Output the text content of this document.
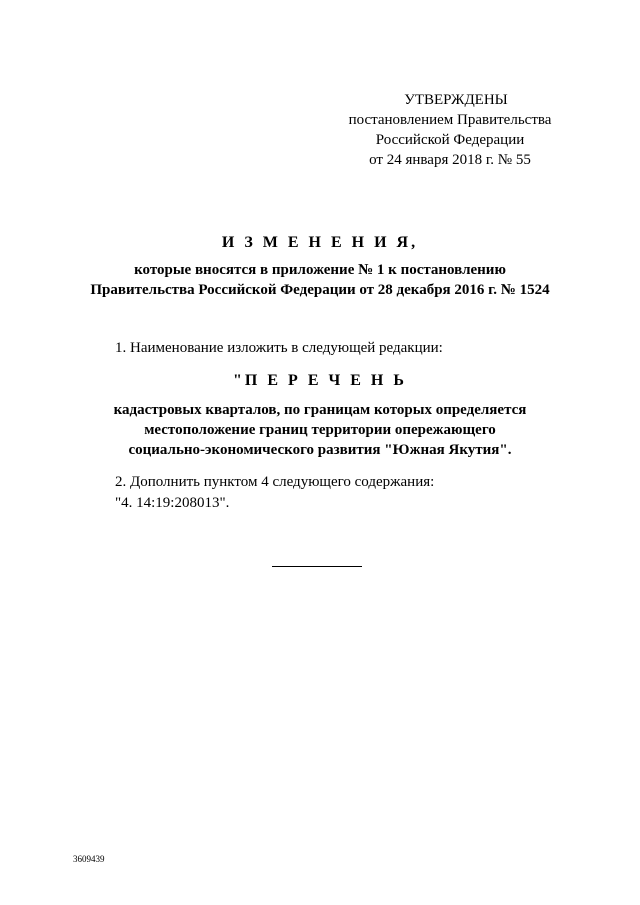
УТВЕРЖДЕНЫ
постановлением Правительства
Российской Федерации
от 24 января 2018 г. № 55
И З М Е Н Е Н И Я,
которые вносятся в приложение № 1 к постановлению
Правительства Российской Федерации от 28 декабря 2016 г. № 1524
1. Наименование изложить в следующей редакции:
"П Е Р Е Ч Е Н Ь
кадастровых кварталов, по границам которых определяется
местоположение границ территории опережающего
социально-экономического развития "Южная Якутия".
2. Дополнить пунктом 4 следующего содержания:
"4. 14:19:208013".
3609439
